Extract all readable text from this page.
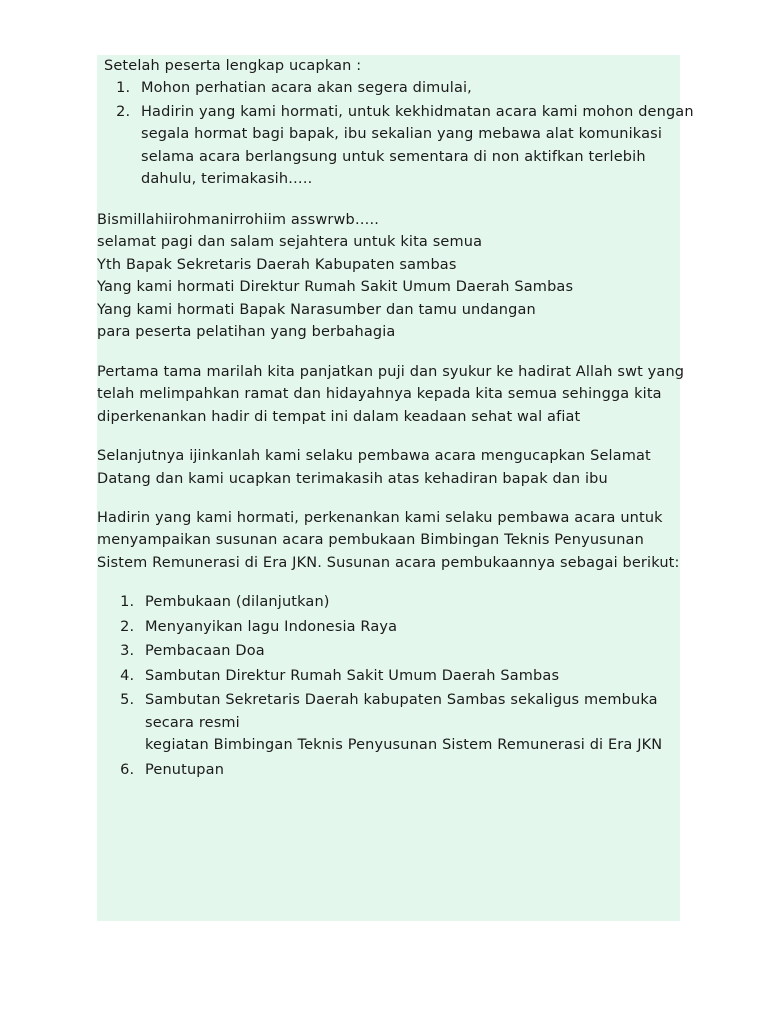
Setelah peserta lengkap ucapkan :
1. Mohon perhatian acara akan segera dimulai,
2. Hadirin yang kami hormati, untuk kekhidmatan acara kami mohon dengan segala hormat bagi bapak, ibu sekalian yang mebawa alat komunikasi selama acara berlangsung untuk sementara di non aktifkan terlebih dahulu, terimakasih…..
Bismillahiirohmanirrohiim asswrwb…..
selamat pagi dan salam sejahtera untuk kita semua
Yth Bapak Sekretaris Daerah Kabupaten sambas
Yang kami hormati Direktur Rumah Sakit Umum Daerah Sambas
Yang kami hormati Bapak Narasumber dan tamu undangan
para peserta pelatihan yang berbahagia
Pertama tama marilah kita panjatkan puji dan syukur ke hadirat Allah swt yang telah melimpahkan ramat dan hidayahnya kepada kita semua sehingga kita diperkenankan hadir di tempat ini dalam keadaan sehat wal afiat
Selanjutnya ijinkanlah kami selaku pembawa acara mengucapkan Selamat Datang dan kami ucapkan terimakasih atas kehadiran bapak dan ibu
Hadirin yang kami hormati, perkenankan kami selaku pembawa acara untuk menyampaikan susunan acara pembukaan Bimbingan Teknis Penyusunan Sistem Remunerasi di Era JKN. Susunan acara pembukaannya sebagai berikut:
1. Pembukaan (dilanjutkan)
2. Menyanyikan lagu Indonesia Raya
3. Pembacaan Doa
4. Sambutan Direktur Rumah Sakit Umum Daerah Sambas
5. Sambutan Sekretaris Daerah kabupaten Sambas sekaligus membuka secara resmi
kegiatan Bimbingan Teknis Penyusunan Sistem Remunerasi di Era JKN
6. Penutupan
